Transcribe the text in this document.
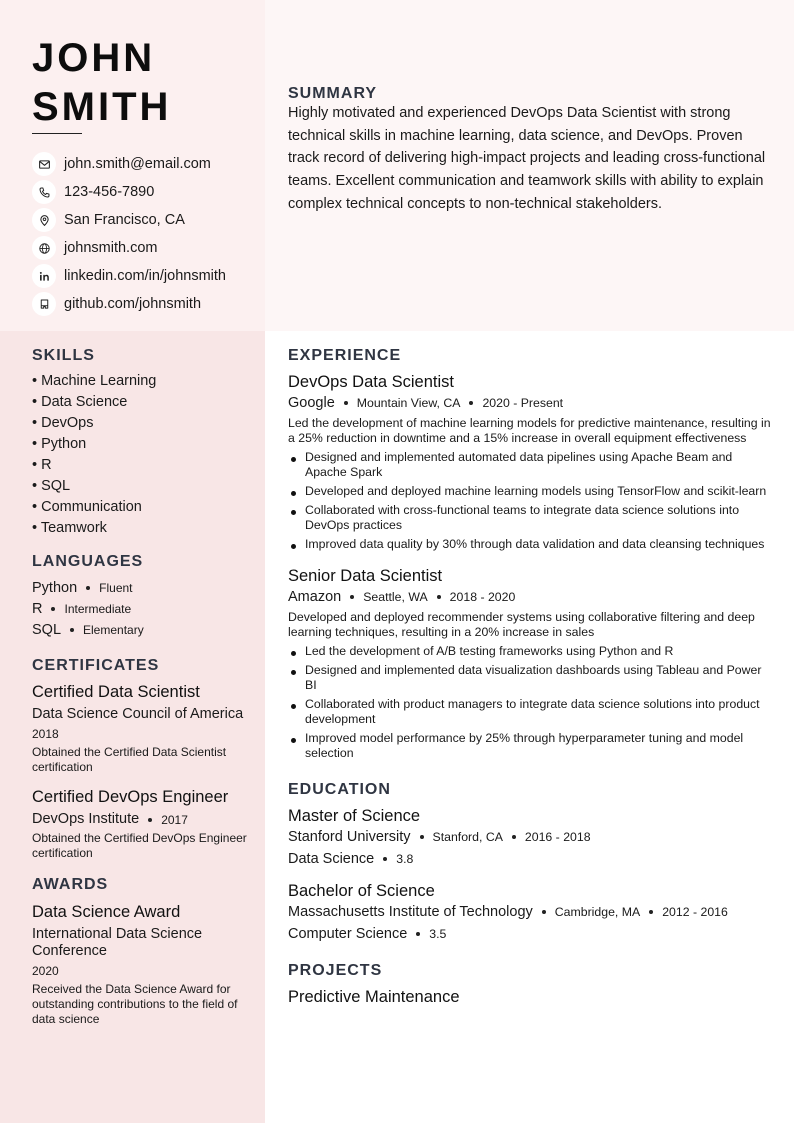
JOHN
SMITH
john.smith@email.com
123-456-7890
San Francisco, CA
johnsmith.com
linkedin.com/in/johnsmith
github.com/johnsmith
SKILLS
• Machine Learning
• Data Science
• DevOps
• Python
• R
• SQL
• Communication
• Teamwork
LANGUAGES
Python Fluent
R Intermediate
SQL Elementary
CERTIFICATES
Certified Data Scientist
Data Science Council of America
2018
Obtained the Certified Data Scientist certification
Certified DevOps Engineer
DevOps Institute 2017
Obtained the Certified DevOps Engineer certification
AWARDS
Data Science Award
International Data Science Conference
2020
Received the Data Science Award for outstanding contributions to the field of data science
SUMMARY

Highly motivated and experienced DevOps Data Scientist with strong technical skills in machine learning, data science, and DevOps. Proven track record of delivering high-impact projects and leading cross-functional teams. Excellent communication and teamwork skills with ability to explain complex technical concepts to non-technical stakeholders.

EXPERIENCE
DevOps Data Scientist
Google Mountain View, CA 2020 - Present

Led the development of machine learning models for predictive maintenance, resulting in a 25% reduction in downtime and a 15% increase in overall equipment effectiveness

Designed and implemented automated data pipelines using Apache Beam and Apache Spark
Developed and deployed machine learning models using TensorFlow and scikit-learn
Collaborated with cross-functional teams to integrate data science solutions into DevOps practices
Improved data quality by 30% through data validation and data cleansing techniques
Senior Data Scientist
Amazon Seattle, WA 2018 - 2020

Developed and deployed recommender systems using collaborative filtering and deep learning techniques, resulting in a 20% increase in sales

Led the development of A/B testing frameworks using Python and R
Designed and implemented data visualization dashboards using Tableau and Power BI
Collaborated with product managers to integrate data science solutions into product development
Improved model performance by 25% through hyperparameter tuning and model selection
EDUCATION
Master of Science
Stanford University Stanford, CA 2016 - 2018
Data Science 3.8
Bachelor of Science
Massachusetts Institute of Technology Cambridge, MA 2012 - 2016
Computer Science 3.5
PROJECTS
Predictive Maintenance
